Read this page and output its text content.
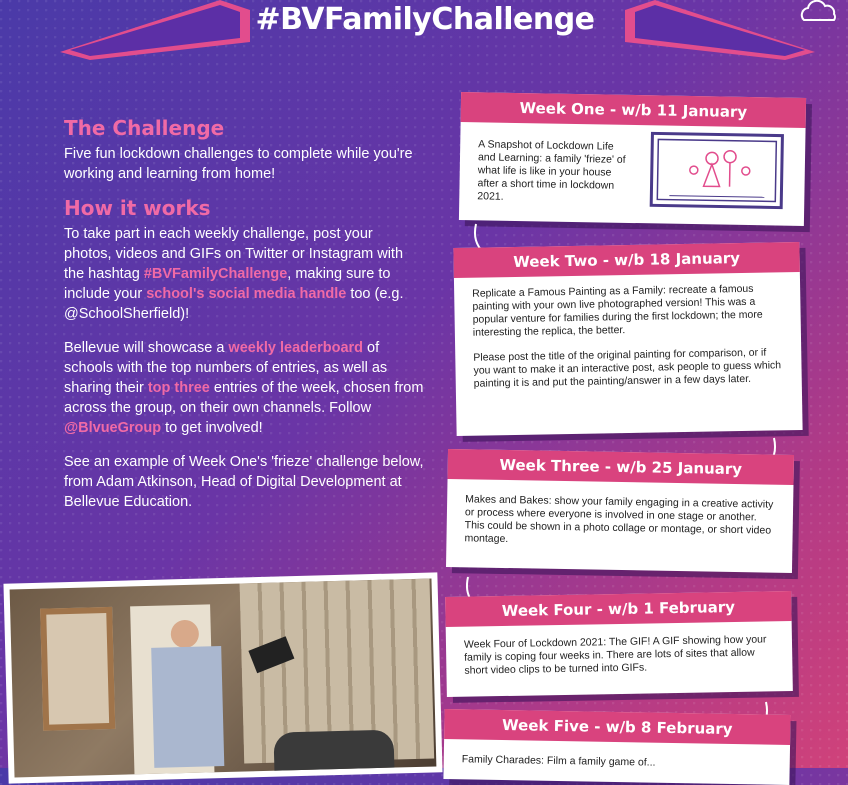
#BVFamilyChallenge
The Challenge

Five fun lockdown challenges to complete while you're working and learning from home!

How it works

To take part in each weekly challenge, post your photos, videos and GIFs on Twitter or Instagram with the hashtag #BVFamilyChallenge, making sure to include your school's social media handle too (e.g. @SchoolSherfield)!

Bellevue will showcase a weekly leaderboard of schools with the top numbers of entries, as well as sharing their top three entries of the week, chosen from across the group, on their own channels. Follow @BlvueGroup to get involved!

See an example of Week One's 'frieze' challenge below, from Adam Atkinson, Head of Digital Development at Bellevue Education.

Week One - w/b 11 January
A Snapshot of Lockdown Life and Learning: a family 'frieze' of what life is like in your house after a short time in lockdown 2021.
Week Two - w/b 18 January
Replicate a Famous Painting as a Family: recreate a famous painting with your own live photographed version! This was a popular venture for families during the first lockdown; the more interesting the replica, the better.
Please post the title of the original painting for comparison, or if you want to make it an interactive post, ask people to guess which painting it is and put the painting/answer in a few days later.
Week Three - w/b 25 January
Makes and Bakes: show your family engaging in a creative activity or process where everyone is involved in one stage or another. This could be shown in a photo collage or montage, or short video montage.
Week Four - w/b 1 February
Week Four of Lockdown 2021: The GIF! A GIF showing how your family is coping four weeks in. There are lots of sites that allow short video clips to be turned into GIFs.
Week Five - w/b 8 February
Family Charades: Film a family game of...
